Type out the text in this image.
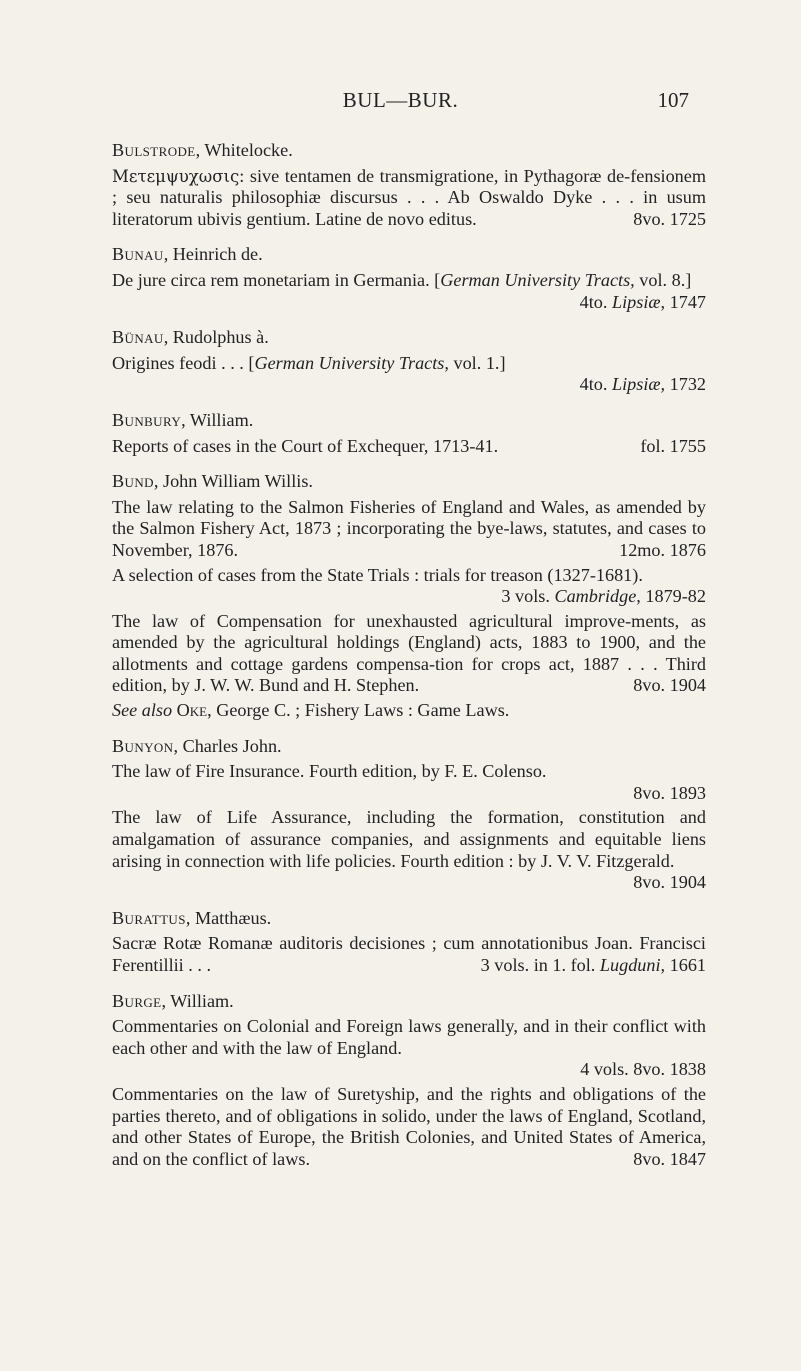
BUL—BUR.	107

Bulstrode, Whitelocke.

Μετεμψυχωσις: sive tentamen de transmigratione, in Pythagoræ de-fensionem ; seu naturalis philosophiæ discursus . . . Ab Oswaldo Dyke . . . in usum literatorum ubivis gentium. Latine de novo editus.	8vo. 1725

Bunau, Heinrich de.

De jure circa rem monetariam in Germania. [German University Tracts, vol. 8.]
4to. Lipsiæ, 1747

Bünau, Rudolphus à.

Origines feodi . . . [German University Tracts, vol. 1.]
4to. Lipsiæ, 1732

Bunbury, William.

Reports of cases in the Court of Exchequer, 1713-41.	fol. 1755

Bund, John William Willis.

The law relating to the Salmon Fisheries of England and Wales, as amended by the Salmon Fishery Act, 1873 ; incorporating the bye-laws, statutes, and cases to November, 1876.	12mo. 1876

A selection of cases from the State Trials : trials for treason (1327-1681).
3 vols. Cambridge, 1879-82

The law of Compensation for unexhausted agricultural improve-ments, as amended by the agricultural holdings (England) acts, 1883 to 1900, and the allotments and cottage gardens compensa-tion for crops act, 1887 . . . Third edition, by J. W. W. Bund and H. Stephen.	8vo. 1904

See also Oke, George C. ; Fishery Laws : Game Laws.

Bunyon, Charles John.

The law of Fire Insurance. Fourth edition, by F. E. Colenso.
8vo. 1893

The law of Life Assurance, including the formation, constitution and amalgamation of assurance companies, and assignments and equitable liens arising in connection with life policies. Fourth edition : by J. V. V. Fitzgerald.
8vo. 1904

Burattus, Matthæus.

Sacræ Rotæ Romanæ auditoris decisiones ; cum annotationibus Joan. Francisci Ferentillii . . .	3 vols. in 1. fol. Lugduni, 1661

Burge, William.

Commentaries on Colonial and Foreign laws generally, and in their conflict with each other and with the law of England.
4 vols. 8vo. 1838

Commentaries on the law of Suretyship, and the rights and obligations of the parties thereto, and of obligations in solido, under the laws of England, Scotland, and other States of Europe, the British Colonies, and United States of America, and on the conflict of laws.	8vo. 1847
